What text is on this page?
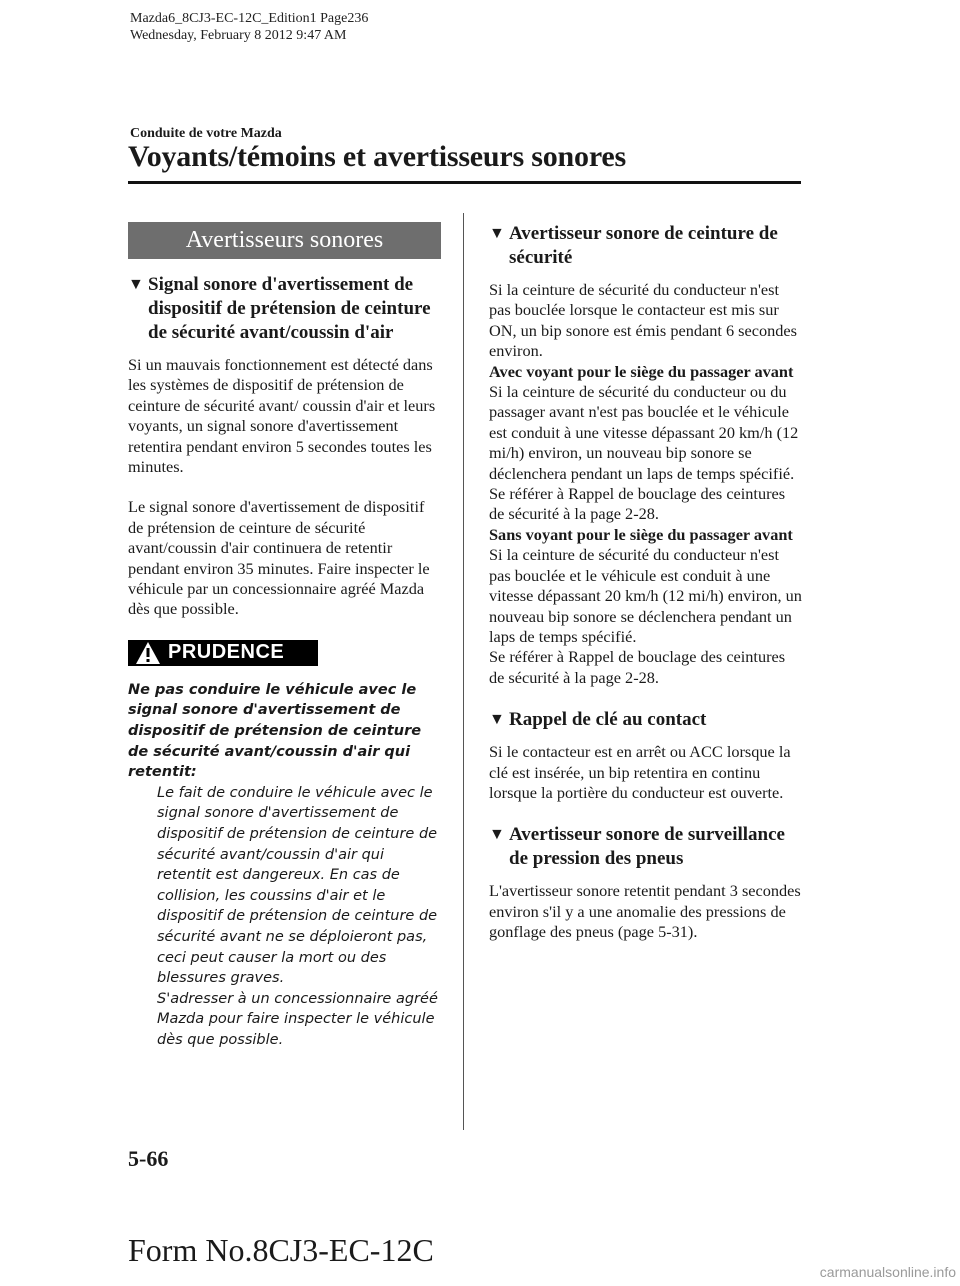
Mazda6_8CJ3-EC-12C_Edition1 Page236
Wednesday, February 8 2012 9:47 AM
Conduite de votre Mazda
Voyants/témoins et avertisseurs sonores
Avertisseurs sonores
▼ Signal sonore d'avertissement de dispositif de prétension de ceinture de sécurité avant/coussin d'air

Si un mauvais fonctionnement est détecté dans les systèmes de dispositif de prétension de ceinture de sécurité avant/ coussin d'air et leurs voyants, un signal sonore d'avertissement retentira pendant environ 5 secondes toutes les minutes.

Le signal sonore d'avertissement de dispositif de prétension de ceinture de sécurité avant/coussin d'air continuera de retentir pendant environ 35 minutes. Faire inspecter le véhicule par un concessionnaire agréé Mazda dès que possible.

PRUDENCE

Ne pas conduire le véhicule avec le signal sonore d'avertissement de dispositif de prétension de ceinture de sécurité avant/coussin d'air qui retentit:

Le fait de conduire le véhicule avec le signal sonore d'avertissement de dispositif de prétension de ceinture de sécurité avant/coussin d'air qui retentit est dangereux. En cas de collision, les coussins d'air et le dispositif de prétension de ceinture de sécurité avant ne se déploieront pas, ceci peut causer la mort ou des blessures graves.

S'adresser à un concessionnaire agréé Mazda pour faire inspecter le véhicule dès que possible.

▼ Avertisseur sonore de ceinture de sécurité

Si la ceinture de sécurité du conducteur n'est pas bouclée lorsque le contacteur est mis sur ON, un bip sonore est émis pendant 6 secondes environ.

Avec voyant pour le siège du passager avant

Si la ceinture de sécurité du conducteur ou du passager avant n'est pas bouclée et le véhicule est conduit à une vitesse dépassant 20 km/h (12 mi/h) environ, un nouveau bip sonore se déclenchera pendant un laps de temps spécifié.

Se référer à Rappel de bouclage des ceintures de sécurité à la page 2-28.

Sans voyant pour le siège du passager avant

Si la ceinture de sécurité du conducteur n'est pas bouclée et le véhicule est conduit à une vitesse dépassant 20 km/h (12 mi/h) environ, un nouveau bip sonore se déclenchera pendant un laps de temps spécifié.

Se référer à Rappel de bouclage des ceintures de sécurité à la page 2-28.

▼ Rappel de clé au contact

Si le contacteur est en arrêt ou ACC lorsque la clé est insérée, un bip retentira en continu lorsque la portière du conducteur est ouverte.

▼ Avertisseur sonore de surveillance de pression des pneus

L'avertisseur sonore retentit pendant 3 secondes environ s'il y a une anomalie des pressions de gonflage des pneus (page 5-31).

5-66
Form No.8CJ3-EC-12C
carmanualsonline.info
